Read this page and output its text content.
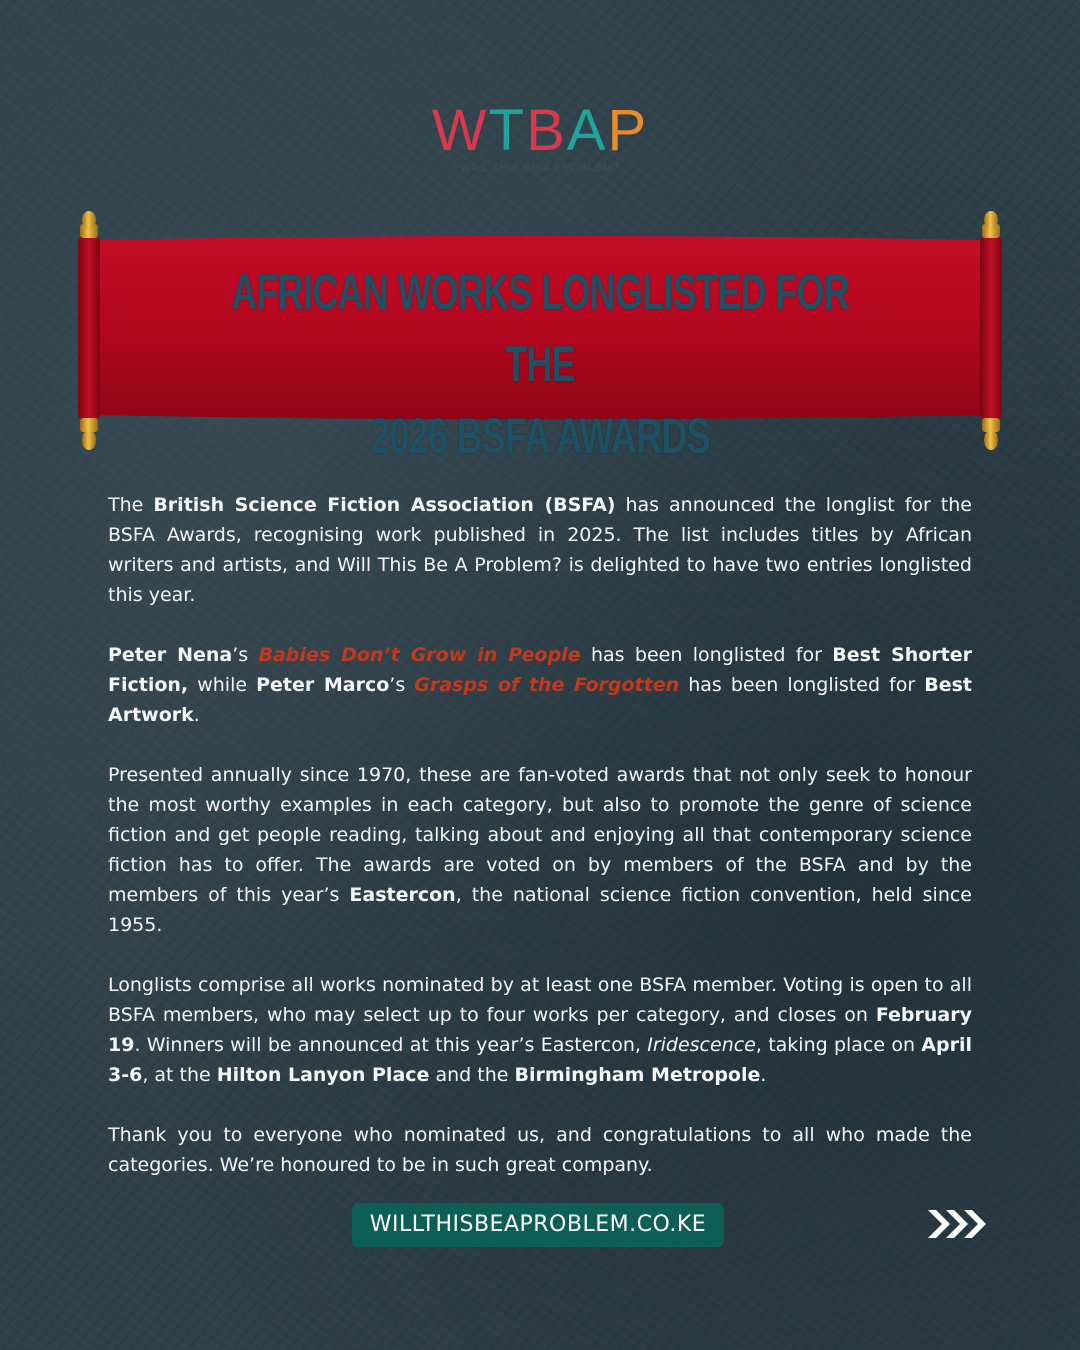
WTBAP
WILL THIS BE A PROBLEM?
AFRICAN WORKS LONGLISTED FOR THE
2026 BSFA AWARDS

The British Science Fiction Association (BSFA) has announced the longlist for the BSFA Awards, recognising work published in 2025. The list includes titles by African writers and artists, and Will This Be A Problem? is delighted to have two entries longlisted this year.

Peter Nena’s Babies Don’t Grow in People has been longlisted for Best Shorter Fiction, while Peter Marco’s Grasps of the Forgotten has been longlisted for Best Artwork.

Presented annually since 1970, these are fan-voted awards that not only seek to honour the most worthy examples in each category, but also to promote the genre of science fiction and get people reading, talking about and enjoying all that contemporary science fiction has to offer. The awards are voted on by members of the BSFA and by the members of this year’s Eastercon, the national science fiction convention, held since 1955.

Longlists comprise all works nominated by at least one BSFA member. Voting is open to all BSFA members, who may select up to four works per category, and closes on February 19. Winners will be announced at this year’s Eastercon, Iridescence, taking place on April 3-6, at the Hilton Lanyon Place and the Birmingham Metropole.

Thank you to everyone who nominated us, and congratulations to all who made the categories. We’re honoured to be in such great company.

WILLTHISBEAPROBLEM.CO.KE
